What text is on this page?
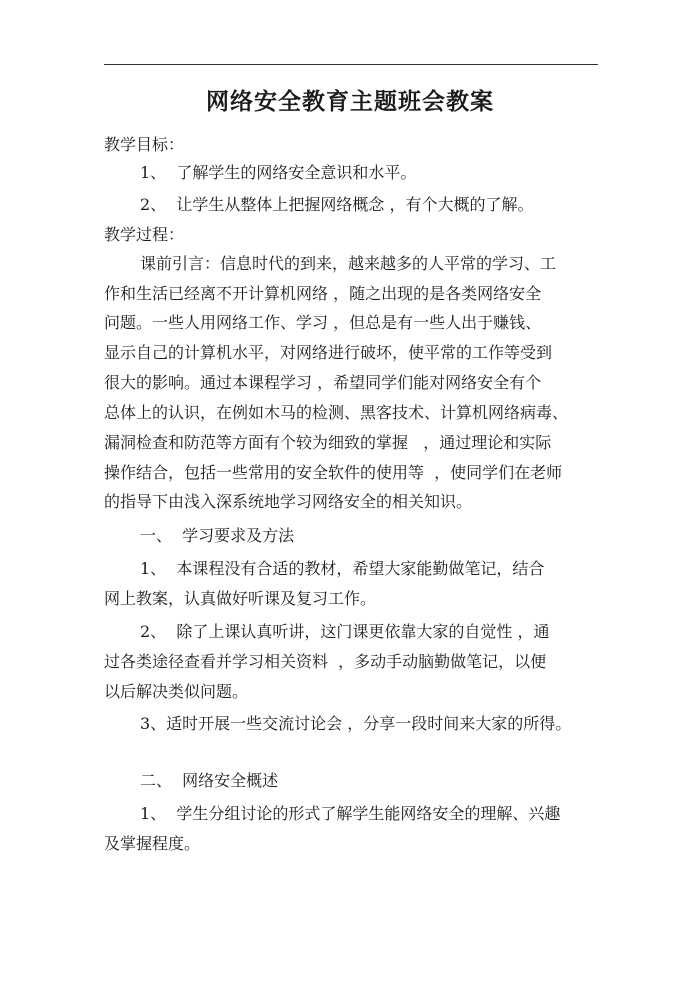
网络安全教育主题班会教案
教学目标：
1、  了解学生的网络安全意识和水平。
2、  让学生从整体上把握网络概念 ，有个大概的了解。
教学过程：
课前引言：信息时代的到来，越来越多的人平常的学习、工
作和生活已经离不开计算机网络 ，随之出现的是各类网络安全
问题。一些人用网络工作、学习 ，但总是有一些人出于赚钱、
显示自己的计算机水平，对网络进行破坏，使平常的工作等受到
很大的影响。通过本课程学习 ，希望同学们能对网络安全有个
总体上的认识，在例如木马的检测、黑客技术、计算机网络病毒、
漏洞检查和防范等方面有个较为细致的掌握   ，通过理论和实际
操作结合，包括一些常用的安全软件的使用等  ，使同学们在老师
的指导下由浅入深系统地学习网络安全的相关知识。
一、  学习要求及方法
1、  本课程没有合适的教材，希望大家能勤做笔记，结合
网上教案，认真做好听课及复习工作。
2、  除了上课认真听讲，这门课更依靠大家的自觉性 ，通
过各类途径查看并学习相关资料  ，多动手动脑勤做笔记，以便
以后解决类似问题。
3、适时开展一些交流讨论会 ，分享一段时间来大家的所得。
二、  网络安全概述
1、  学生分组讨论的形式了解学生能网络安全的理解、兴趣
及掌握程度。
